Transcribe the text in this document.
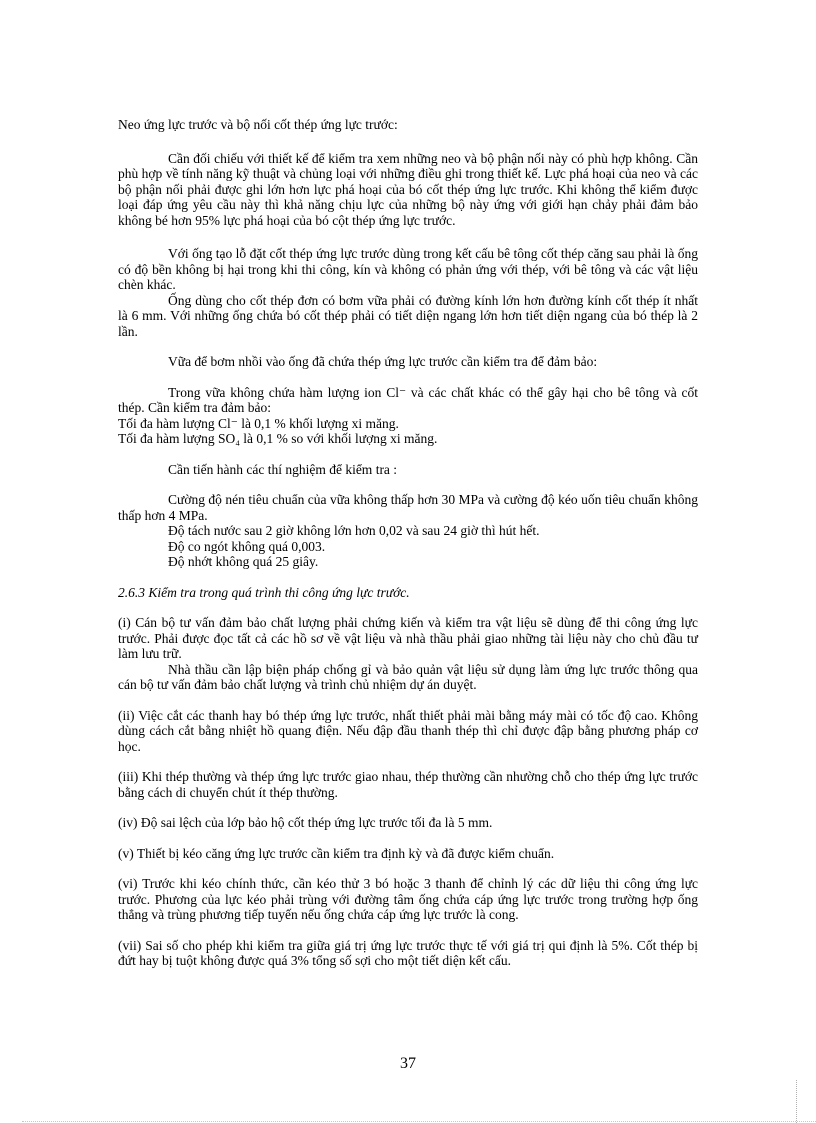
Neo ứng lực trước và bộ nối cốt thép ứng lực trước:

Cần đối chiếu với thiết kế để kiểm tra xem những neo và bộ phận nối này có phù hợp không. Cần phù hợp về tính năng kỹ thuật và chủng loại với những điều ghi trong thiết kế. Lực phá hoại của neo và các bộ phận nối phải được ghi lớn hơn lực phá hoại của bó cốt thép ứng lực trước. Khi không thể kiểm được loại đáp ứng yêu cầu này thì khả năng chịu lực của những bộ này ứng với giới hạn chảy phải đảm bảo không bé hơn 95% lực phá hoại của bó cột thép ứng lực trước.

Với ống tạo lỗ đặt cốt thép ứng lực trước dùng trong kết cấu bê tông cốt thép căng sau phải là ống có độ bền không bị hại trong khi thi công, kín và không có phản ứng với thép, với bê tông và các vật liệu chèn khác.

Ống dùng cho cốt thép đơn có bơm vữa phải có đường kính lớn hơn đường kính cốt thép ít nhất là 6 mm. Với những ống chứa bó cốt thép phải có tiết diện ngang lớn hơn tiết diện ngang của bó thép là 2 lần.

Vữa để bơm nhồi vào ống đã chứa thép ứng lực trước cần kiểm tra để đảm bảo:

Trong vữa không chứa hàm lượng ion Cl⁻ và các chất khác có thể gây hại cho bê tông và cốt thép. Cần kiểm tra đảm bảo:

Tối đa hàm lượng Cl⁻ là 0,1 % khối lượng xi măng.

Tối đa hàm lượng SO₄ là 0,1 % so với khối lượng xi măng.

Cần tiến hành các thí nghiệm để kiểm tra :

Cường độ nén tiêu chuẩn của vữa không thấp hơn 30 MPa và cường độ kéo uốn tiêu chuẩn không thấp hơn 4 MPa.

Độ tách nước sau 2 giờ không lớn hơn 0,02 và sau 24 giờ thì hút hết.

Độ co ngót không quá 0,003.

Độ nhớt không quá 25 giây.

2.6.3 Kiểm tra trong quá trình thi công ứng lực trước.

(i) Cán bộ tư vấn đảm bảo chất lượng phải chứng kiến và kiểm tra vật liệu sẽ dùng để thi công ứng lực trước. Phải được đọc tất cả các hồ sơ về vật liệu và nhà thầu phải giao những tài liệu này cho chủ đầu tư làm lưu trữ.

Nhà thầu cần lập biện pháp chống gỉ và bảo quản vật liệu sử dụng làm ứng lực trước thông qua cán bộ tư vấn đảm bảo chất lượng và trình chủ nhiệm dự án duyệt.

(ii) Việc cắt các thanh hay bó thép ứng lực trước, nhất thiết phải mài bằng máy mài có tốc độ cao. Không dùng cách cắt bằng nhiệt hồ quang điện. Nếu đập đầu thanh thép thì chỉ được đập bằng phương pháp cơ học.

(iii) Khi thép thường và thép ứng lực trước giao nhau, thép thường cần nhường chỗ cho thép ứng lực trước bằng cách di chuyển chút ít thép thường.

(iv) Độ sai lệch của lớp bảo hộ cốt thép ứng lực trước tối đa là 5 mm.

(v) Thiết bị kéo căng ứng lực trước cần kiểm tra định kỳ và đã được kiểm chuẩn.

(vi) Trước khi kéo chính thức, cần kéo thử 3 bó hoặc 3 thanh để chỉnh lý các dữ liệu thi công ứng lực trước. Phương của lực kéo phải trùng với đường tâm ống chứa cáp ứng lực trước trong trường hợp ống thẳng và trùng phương tiếp tuyến nếu ống chứa cáp ứng lực trước là cong.

(vii) Sai số cho phép khi kiểm tra giữa giá trị ứng lực trước thực tế với giá trị qui định là 5%. Cốt thép bị đứt hay bị tuột không được quá 3% tổng số sợi cho một tiết diện kết cấu.

37
